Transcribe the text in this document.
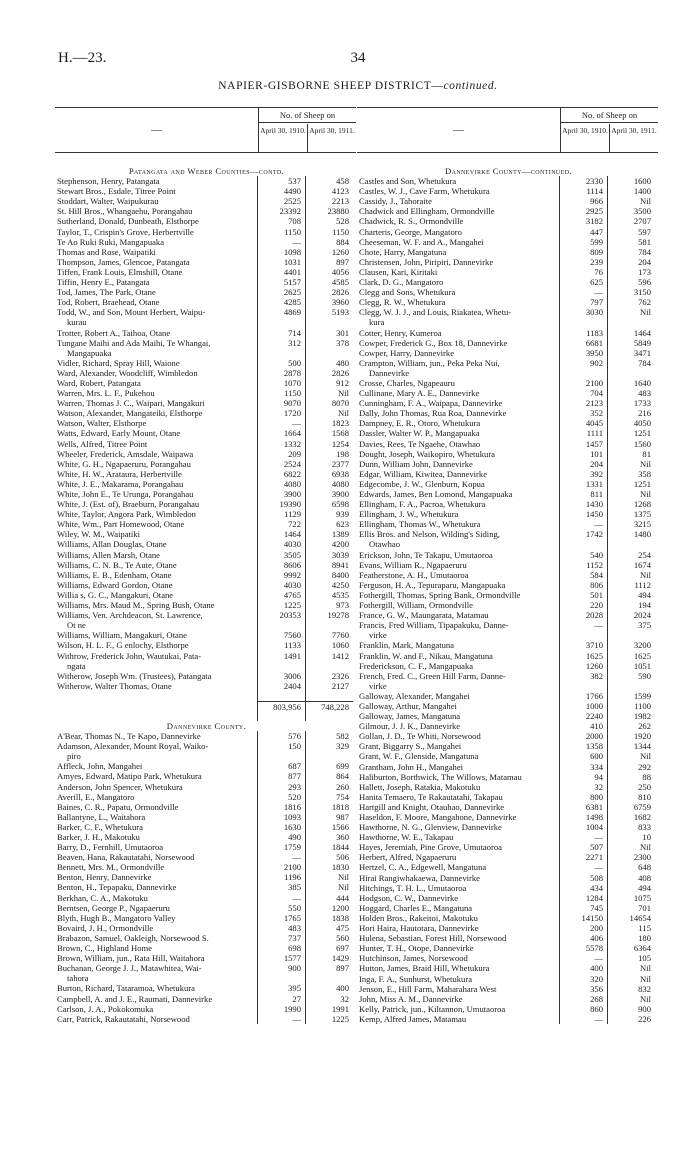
H.—23.	34
NAPIER-GISBORNE SHEEP DISTRICT—continued.
—
No. of Sheep on
April 30, 1910. April 30, 1911.
Patangata and Weber Counties—contd.
Stephenson, Henry, Patangata	537	458
Stewart Bros., Esdale, Titree Point	4490	4123
Stoddart, Walter, Waipukurau	2525	2213
St. Hill Bros., Whangaehu, Porangahau	23392	23880
Sutherland, Donald, Dunbeath, Elsthorpe	708	528
Taylor, T., Crispin's Grove, Herbertville	1150	1150
Te Ao Ruki Ruki, Mangapuaka	—	884
Thomas and Rose, Waipatiki	1098	1260
Thompson, James, Glencoe, Patangata	1031	897
Tiffen, Frank Louis, Elmshill, Otane	4401	4056
Tiffin, Henry E., Patangata	5157	4585
Tod, James, The Park, Otane	2625	2826
Tod, Robert, Braehead, Otane	4285	3960
Todd, W., and Son, Mount Herbert, Waipu-
kurau
4869	5193
Trotter, Robert A., Taihoa, Otane	714	301
Tungane Maihi and Ada Maihi, Te Whangai,
Mangapuaka
312	378
Vidler, Richard, Spray Hill, Waione	500	480
Ward, Alexander, Woodcliff, Wimbledon	2878	2826
Ward, Robert, Patangata	1070	912
Warren, Mrs. L. F., Pukehou	1150	Nil
Warren, Thomas J. C., Waipari, Mangakuri	9070	8070
Watson, Alexander, Mangateiki, Elsthorpe	1720	Nil
Watson, Walter, Elsthorpe	—	1823
Watts, Edward, Early Mount, Otane	1664	1568
Wells, Alfred, Titree Point	1332	1254
Wheeler, Frederick, Amsdale, Waipawa	209	198
White, G. H., Ngapaeruru, Porangahau	2524	2377
White, H. W., Arataura, Herbertville	6822	6938
White, J. E., Makarama, Porangahau	4080	4080
White, John E., Te Urunga, Porangahau	3900	3900
White, J. (Est. of), Braeburn, Porangahau	19390	6598
White, Taylor, Angora Park, Wimbledon	1129	939
White, Wm., Part Homewood, Otane	722	623
Wiley, W. M., Waipatiki	1464	1389
Williams, Allan Douglas, Otane	4030	4200
Williams, Allen Marsh, Otane	3505	3039
Williams, C. N. B., Te Aute, Otane	8606	8941
Williams, E. B., Edenham, Otane	9992	8400
Williams, Edward Gordon, Otane	4030	4250
Willia s, G. C., Mangakuri, Otane	4765	4535
Williams, Mrs. Maud M., Spring Bush, Otane	1225	973
Williams, Ven. Archdeacon, St. Lawrence,
Ot ne
20353	19278
Williams, William, Mangakuri, Otane	7560	7760
Wilson, H. L. F., G enlochy, Elsthorpe	1133	1060
Withrow, Frederick John, Wautukai, Pata-
ngata
1491	1412
Witherow, Joseph Wm. (Trustees), Patangata	3006	2326
Witherow, Walter Thomas, Otane	2404	2127
803,956	748,228
Dannevirke County.
A'Bear, Thomas N., Te Kapo, Dannevirke	576	582
Adamson, Alexander, Mount Royal, Waiko-
piro
150	329
Affleck, John, Mangahei	687	699
Amyes, Edward, Matipo Park, Whetukura	877	864
Anderson, John Spencer, Whetukura	293	260
Averill, E., Mangatoro	520	754
Baines, C. R., Papatu, Ormondville	1816	1818
Ballantyne, L., Waitahora	1093	987
Barker, C. F., Whetukura	1630	1566
Barker, J. H., Makotuku	490	360
Barry, D., Fernhill, Umutaoroa	1759	1844
Beaven, Hana, Rakautatahi, Norsewood	—	506
Bennett, Mrs. M., Ormondville	2100	1830
Benton, Henry, Dannevirke	1196	Nil
Benton, H., Tepapaku, Dannevirke	385	Nil
Berkhan, C. A., Makotuku	—	444
Berntsen, George P., Ngapaeruru	550	1200
Blyth, Hugh B., Mangatoro Valley	1765	1838
Bovaird, J. H., Ormondville	483	475
Brabazon, Samuel, Oakleigh, Norsewood S.	737	560
Brown, C., Highland Home	698	697
Brown, William, jun., Rata Hill, Waitahora	1577	1429
Buchanan, George J. J., Matawhitea, Wai-
tahora
900	897
Burton, Richard, Tataramoa, Whetukura	395	400
Campbell, A. and J. E., Raumati, Dannevirke	27	32
Carlson, J. A., Pokokomuka	1990	1991
Carr, Patrick, Rakautatahi, Norsewood	—	1225
—
No. of Sheep on
April 30, 1910. April 30, 1911.
Dannevirke County—continued.
Castles and Son, Whetukura	2330	1600
Castles, W. J., Cave Farm, Whetukura	1114	1400
Cassidy, J., Tahoraite	966	Nil
Chadwick and Ellingham, Ormondville	2925	3500
Chadwick, R. S., Ormondville	3182	2707
Charteris, George, Mangatoro	447	597
Cheeseman, W. F. and A., Mangahei	599	581
Chote, Harry, Mangatuna	809	784
Christensen, John, Piripiri, Dannevirke	239	204
Clausen, Kari, Kiritaki	76	173
Clark, D. G., Mangatoro	625	596
Clegg and Sons, Whetukura	—	3150
Clegg, R. W., Whetukura	797	762
Clegg, W. J. J., and Louis, Riakatea, Whetu-
kura
3030	Nil
Cotter, Henry, Kumeroa	1183	1464
Cowper, Frederick G., Box 18, Dannevirke	6681	5849
Cowper, Harry, Dannevirke	3950	3471
Crampton, William, jun., Peka Peka Nui,
Dannevirke
902	784
Crosse, Charles, Ngapeauru	2100	1640
Cullinane, Mary A. E., Dannevirke	704	483
Cunningham, F. A., Waipapa, Dannevirke	2123	1733
Dally, John Thomas, Rua Roa, Dannevirke	352	216
Dampney, E. R., Otoro, Whetukura	4045	4050
Dassler, Walter W. P., Mangapuaka	1111	1251
Davies, Rees, Te Ngaehe, Otawhao	1457	1560
Dought, Joseph, Waikopiro, Whetukura	101	81
Dunn, William John, Dannevirke	204	Nil
Edgar, William, Kiwitea, Dannevirke	392	358
Edgecombe, J. W., Glenburn, Kopua	1331	1251
Edwards, James, Ben Lomond, Mangapuaka	811	Nil
Ellingham, F. A., Pacroa, Whetukura	1430	1268
Ellingham, J. W., Whetukura	1450	1375
Ellingham, Thomas W., Whetukura	—	3215
Ellis Bros. and Nelson, Wilding's Siding,
Otawhao
1742	1480
Erickson, John, Te Takapu, Umutaoroa	540	254
Evans, William R., Ngapaeruru	1152	1674
Featherstone, A. H., Umutaoroa	584	Nil
Ferguson, H. A., Tepuraparu, Mangapuaka	806	1112
Fothergill, Thomas, Spring Bank, Ormondville	501	494
Fothergill, William, Ormondville	220	194
France, G. W., Maungarata, Matamau	2028	2024
Francis, Fred William, Tipapakuku, Danne-
virke
—	375
Franklin, Mark, Mangatuna	3710	3200
Franklin, W. and F., Nikau, Mangatuna	1625	1625
Frederickson, C. F., Mangapuaka	1260	1051
French, Fred. C., Green Hill Farm, Danne-
virke
382	590
Galloway, Alexander, Mangahei	1766	1599
Galloway, Arthur, Mangahei	1000	1100
Galloway, James, Mangatuna	2240	1982
Gilmour, J. J. K., Dannevirke	410	262
Gollan, J. D., Te Whiti, Norsewood	2000	1920
Grant, Biggarry S., Mangahei	1358	1344
Grant, W. F., Glenside, Mangatuna	600	Nil
Grantham, John H., Mangahei	334	292
Haliburton, Borthwick, The Willows, Matamau	94	88
Hallett, Joseph, Ratakia, Makotuku	32	250
Hanita Temaero, Te Rakautatahi, Takapau	800	810
Hartgill and Knight, Otauhao, Dannevirke	6381	6759
Haseldon, F. Moore, Mangahone, Dannevirke	1498	1682
Hawthorne, N. G., Glenview, Dannevirke	1004	833
Hawthorne, W. E., Takapau	—	10
Hayes, Jeremiah, Pine Grove, Umutaoroa	507	Nil
Herbert, Alfred, Ngapaeruru	2271	2300
Hertzel, C. A., Edgewell, Mangatuna	—	648
Hirai Rangiwhakaewa, Dannevirke	508	408
Hitchings, T. H. L., Umutaoroa	434	494
Hodgson, C. W., Dannevirke	1284	1075
Hoggard, Charles E., Mangatuna	745	701
Holden Bros., Rakeitoi, Makotuku	14150	14654
Hori Haira, Hautotara, Dannevirke	200	115
Hulena, Sebastian, Forest Hill, Norsewood	406	180
Hunter, T. H., Otope, Dannevirke	5578	6364
Hutchinson, James, Norsewood	—	105
Hutton, James, Braid Hill, Whetukura	400	Nil
Inga, F. A., Sunhurst, Whetukura	320	Nil
Jenson, E., Hill Farm, Maharahara West	356	832
John, Miss A. M., Dannevirke	268	Nil
Kelly, Patrick, jun., Kiltannon, Umutaoroa	860	900
Kemp, Alfred James, Matamau	—	226
